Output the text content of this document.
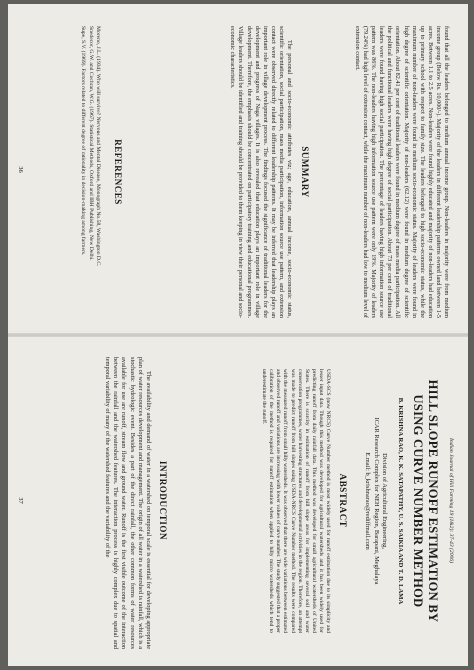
found that all the leaders belonged to medium annual income group. Non-leaders in majority were from medium income group (Below Rs. 10,000/-). Majority of the leaders in different leadership patterns owned land between 1-5 acres. Between 1.1 to 2.5 acres. Non-leaders were found highly educated and majority of non-leaders had education up to primary school with respect to family size. The leaders belonged to high socio-economic status, while the maximum number of non-leaders were found in medium socio-economic status. Majority of leaders were found in high degree of scientific orientation. Majority of non-leaders (62.12) were found in medium degree of scientific orientation. About 82.41 per cent of traditional leaders were found in medium degree of mass media participation. All the political and functional leaders were having high degree of social participation. About 73 per cent of traditional leaders were found having high social participation. The percentage of leaders having high information source use pattern was 86%. The non-leaders having high information source use pattern were only 19%. Majority of leaders (79.24%) had high level of extension contact, while the maximum number of non-leaders had low to medium level of extension contact.
SUMMARY

The personal and socio-economic attributes viz; age, education, annual income, socio-economic status, scientific orientation, social participation, mass media participation, information source use pattern, and extension contact were observed directly related to different leadership patterns. It may be inferred that leadership plays an important role in village development process. The findings focused the significance of traditional leaders for the development and progress of Naga villages. It is also revealed that education plays an important role in village development. Therefore, the emphasis should be concentrated on participatory training and educational programmes. Village leaders should be identified and training should be provided to them keeping in view their personal and socio-economic characteristics.

REFERENCES
Moreno, J.L. (1934). Who will survive? Nervous and Mental Disease, Monograph No.58, Washington D.C.
Snedecor, G.W. and Cochran, W.G. (1967). Statistical Methods, Oxford and IBH Publishing, New Delhi.
Supe, S.V. (1969). Factors related to different degree of rationality in decision-making among farmers.
36
Indian Journal of Hill Farming 19 (1&2): 37-43 (2006)
HILL SLOPE RUNOFF ESTIMATION BY USING CURVE NUMBER METHOD
B. KRISHNA RAO, K. K. SATAPATHY, U. S. SAIKIA AND T. D. LAMA
Division of Agricultural Engineering,
ICAR Research Complex for NEH Region, Barapani, Meghalaya
E.mail: b_krishnarao@rediffmail.com
ABSTRACT
USDA-SCS (now NRCS) Curve Number method is most widely used for runoff estimation due to its simplicity and lesser input data. Though this method was developed for agricultural watersheds and it has been widely used for predicting runoff from daily rainfall data. This method was developed for small agricultural watersheds of United States. There is scarcity in estimation of runoff from hill slope areas for implementing several soil and water conservation programmes, water harvesting structures and developmental activities in the region. Therefore, an attempt was made to predict runoff from hill slopes using USDA-NRCS Curve Number method. The results were compared with the measured runoff from small hilly watersheds. It was observed that there are wide variations between estimated and observed runoff and variations are increasing with lower values of curve number. The study suggested that a proper calibration of the method is required for runoff estimation when applied to hilly micro watersheds which tend to underestimate the runoff.
INTRODUCTION
The availability and demand of water in a watershed on temporal scale is essential for developing appropriate plan of water resources development and management. The origin of all water in a watershed is rainfall, which is a stochastic hydrologic event. Besides a part of the direct rainfall, the other common forms of water resources available for use are runoff, stream flow and ground water. Runoff is the first visible outcome of the interaction between the rainfall and the watershed features. The interaction process is highly complex due to spatial and temporal variability of many of the watershed features and the variability of the
37
